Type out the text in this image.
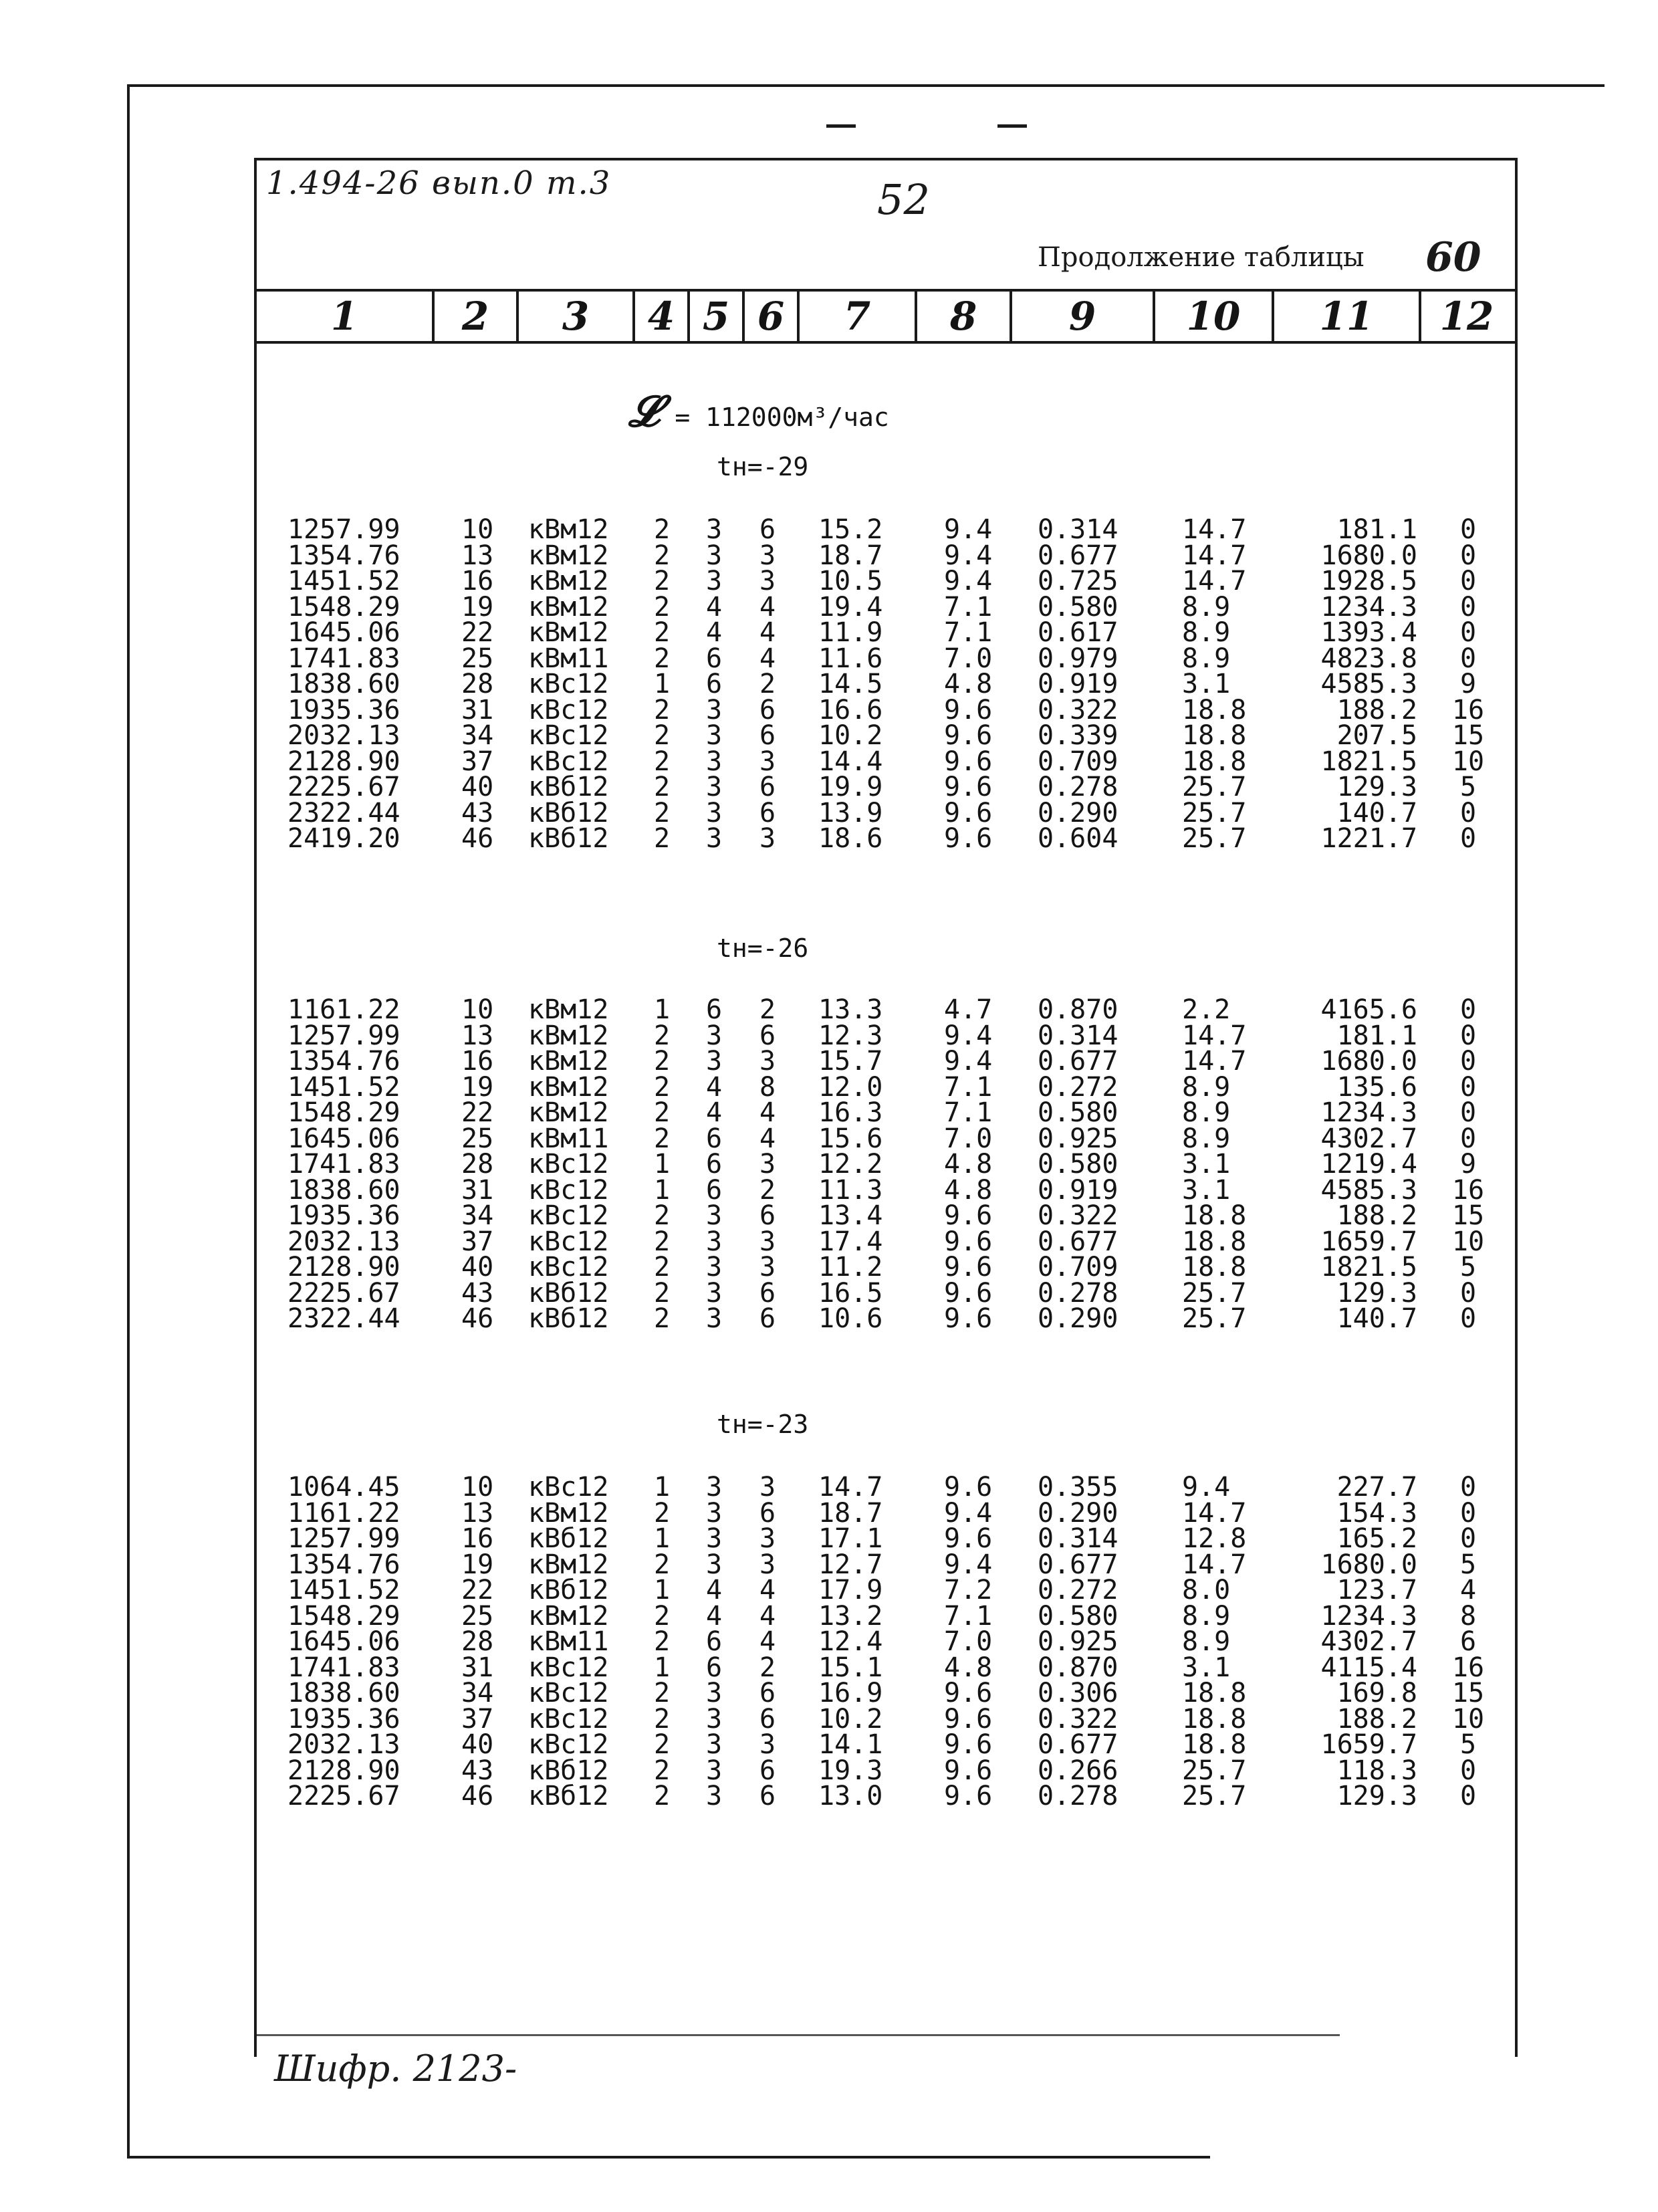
1.494-26 вып.0 т.3	52
Продолжение таблицы 60
1	2	3	4 5 6	7	8	9	10	11	12
𝓛 = 112000м³/час
tн=-29
1257.99 10 кВм12 2 3 6 15.2 9.4 0.314 14.7	181.1	0
1354.76 13 кВм12 2 3 3 18.7 9.4 0.677 14.7	1680.0	0
1451.52 16 кВм12 2 3 3 10.5 9.4 0.725 14.7	1928.5	0
1548.29 19 кВм12 2 4 4 19.4 7.1 0.580 8.9	1234.3	0
1645.06 22 кВм12 2 4 4 11.9 7.1 0.617 8.9	1393.4	0
1741.83 25 кВм11 2 6 4 11.6 7.0 0.979 8.9	4823.8	0
1838.60 28 кВс12 1 6 2 14.5 4.8 0.919 3.1	4585.3	9
1935.36 31 кВс12 2 3 6 16.6 9.6 0.322 18.8	188.2 16
2032.13 34 кВс12 2 3 6 10.2 9.6 0.339 18.8	207.5 15
2128.90 37 кВс12 2 3 3 14.4 9.6 0.709 18.8	1821.5 10
2225.67 40 кВб12 2 3 6 19.9 9.6 0.278 25.7	129.3	5
2322.44 43 кВб12 2 3 6 13.9 9.6 0.290 25.7	140.7	0
2419.20 46 кВб12 2 3 3 18.6 9.6 0.604 25.7	1221.7	0
tн=-26
1161.22 10 кВм12 1 6 2 13.3 4.7 0.870 2.2	4165.6	0
1257.99 13 кВм12 2 3 6 12.3 9.4 0.314 14.7	181.1	0
1354.76 16 кВм12 2 3 3 15.7 9.4 0.677 14.7	1680.0	0
1451.52 19 кВм12 2 4 8 12.0 7.1 0.272 8.9	135.6	0
1548.29 22 кВм12 2 4 4 16.3 7.1 0.580 8.9	1234.3	0
1645.06 25 кВм11 2 6 4 15.6 7.0 0.925 8.9	4302.7	0
1741.83 28 кВс12 1 6 3 12.2 4.8 0.580 3.1	1219.4	9
1838.60 31 кВс12 1 6 2 11.3 4.8 0.919 3.1	4585.3 16
1935.36 34 кВс12 2 3 6 13.4 9.6 0.322 18.8	188.2 15
2032.13 37 кВс12 2 3 3 17.4 9.6 0.677 18.8	1659.7 10
2128.90 40 кВс12 2 3 3 11.2 9.6 0.709 18.8	1821.5	5
2225.67 43 кВб12 2 3 6 16.5 9.6 0.278 25.7	129.3	0
2322.44 46 кВб12 2 3 6 10.6 9.6 0.290 25.7	140.7	0
tн=-23
1064.45 10 кВс12 1 3 3 14.7 9.6 0.355 9.4	227.7	0
1161.22 13 кВм12 2 3 6 18.7 9.4 0.290 14.7	154.3	0
1257.99 16 кВб12 1 3 3 17.1 9.6 0.314 12.8	165.2	0
1354.76 19 кВм12 2 3 3 12.7 9.4 0.677 14.7	1680.0	5
1451.52 22 кВб12 1 4 4 17.9 7.2 0.272 8.0	123.7	4
1548.29 25 кВм12 2 4 4 13.2 7.1 0.580 8.9	1234.3	8
1645.06 28 кВм11 2 6 4 12.4 7.0 0.925 8.9	4302.7	6
1741.83 31 кВс12 1 6 2 15.1 4.8 0.870 3.1	4115.4 16
1838.60 34 кВс12 2 3 6 16.9 9.6 0.306 18.8	169.8 15
1935.36 37 кВс12 2 3 6 10.2 9.6 0.322 18.8	188.2 10
2032.13 40 кВс12 2 3 3 14.1 9.6 0.677 18.8	1659.7	5
2128.90 43 кВб12 2 3 6 19.3 9.6 0.266 25.7	118.3	0
2225.67 46 кВб12 2 3 6 13.0 9.6 0.278 25.7	129.3	0
Шифр. 2123-
